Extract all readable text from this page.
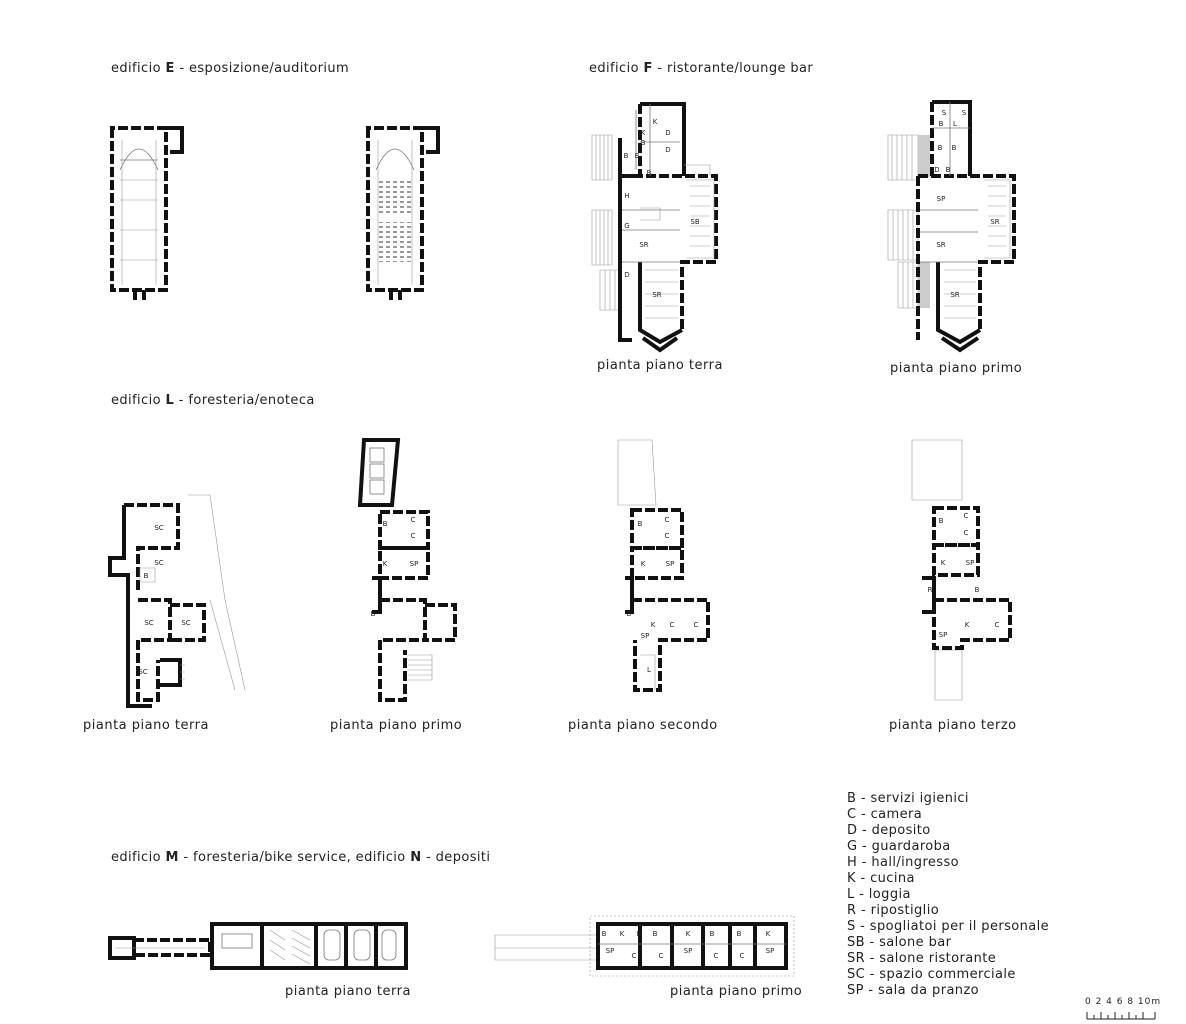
edificio E - esposizione/auditorium	edificio F - ristorante/lounge bar
edificio L - foresteria/enoteca
edificio M - foresteria/bike service, edificio N - depositi
pianta piano terra	pianta piano primo
pianta piano terra	pianta piano primo	pianta piano secondo	pianta piano terzo
pianta piano terra	pianta piano primo
B - servizi igienici
C - camera
D - deposito
G - guardaroba
H - hall/ingresso
K - cucina
L - loggia
R - ripostiglio
S - spogliatoi per il personale
SB - salone bar
SR - salone ristorante
SC - spazio commerciale
SP - sala da pranzo
0 2 4 6 8 10m
K
K	D
B
D
B B
B
H
SB
G
SR
D
SR
S S
B L
B B
D B
SP
SR
SR
SR
SC
SC
B
SC	SC
SC
B	C
C
K	SP
B
B	C
C
K	SP
B
K C	C
SP
L
B
C
C
K	SP
R	B
K	C
SP
B K B B	K	B	B	K
SP
C	C
SP
C	C
SP
